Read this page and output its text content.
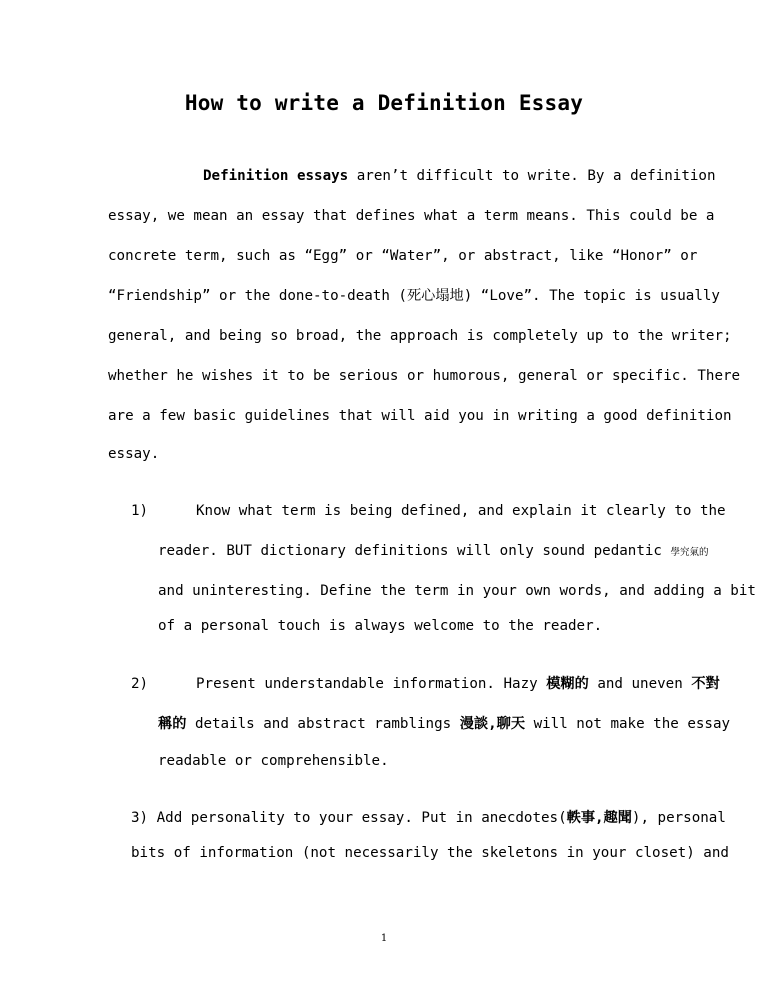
How to write a Definition Essay
Definition essays aren’t difficult to write. By a definition
essay, we mean an essay that defines what a term means. This could be a
concrete term, such as “Egg” or “Water”, or abstract, like “Honor” or
“Friendship” or the done-to-death (死心塌地) “Love”. The topic is usually
general, and being so broad, the approach is completely up to the writer;
whether he wishes it to be serious or humorous, general or specific. There
are a few basic guidelines that will aid you in writing a good definition
essay.
1)	Know what term is being defined, and explain it clearly to the
reader. BUT dictionary definitions will only sound pedantic 學究氣的
and uninteresting. Define the term in your own words, and adding a bit
of a personal touch is always welcome to the reader.
2)	Present understandable information. Hazy 模糊的 and uneven 不對
稱的 details and abstract ramblings 漫談,聊天 will not make the essay
readable or comprehensible.
3) Add personality to your essay. Put in anecdotes(軼事,趣聞), personal
bits of information (not necessarily the skeletons in your closet) and
1
